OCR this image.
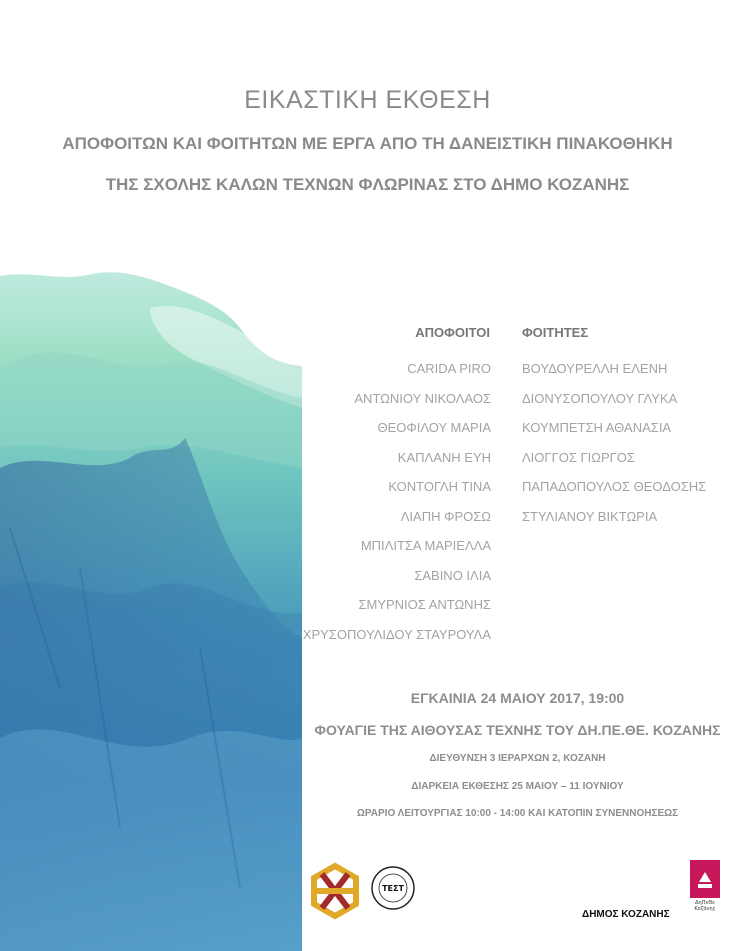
ΕΙΚΑΣΤΙΚΗ ΕΚΘΕΣΗ
ΑΠΟΦΟΙΤΩΝ ΚΑΙ ΦΟΙΤΗΤΩΝ ΜΕ ΕΡΓΑ ΑΠΟ ΤΗ ΔΑΝΕΙΣΤΙΚΗ ΠΙΝΑΚΟΘΗΚΗ
ΤΗΣ ΣΧΟΛΗΣ ΚΑΛΩΝ ΤΕΧΝΩΝ ΦΛΩΡΙΝΑΣ ΣΤΟ ΔΗΜΟ ΚΟΖΑΝΗΣ
ΑΠΟΦΟΙΤΟΙ ΦΟΙΤΗΤΕΣ
CARIDA PIRO
ΑΝΤΩΝΙΟΥ ΝΙΚΟΛΑΟΣ
ΘΕΟΦΙΛΟΥ ΜΑΡΙΑ
ΚΑΠΛΑΝΗ ΕΥΗ
ΚΟΝΤΟΓΛΗ ΤΙΝΑ
ΛΙΑΠΗ ΦΡΟΣΩ
ΜΠΙΛΙΤΣΑ ΜΑΡΙΕΛΛΑ
ΣΑΒΙΝΟ ΙΛΙΑ
ΣΜΥΡΝΙΟΣ ΑΝΤΩΝΗΣ
ΧΡΥΣΟΠΟΥΛΙΔΟΥ ΣΤΑΥΡΟΥΛΑ
ΒΟΥΔΟΥΡΕΛΛΗ ΕΛΕΝΗ
ΔΙΟΝΥΣΟΠΟΥΛΟΥ ΓΛΥΚΑ
ΚΟΥΜΠΕΤΣΗ ΑΘΑΝΑΣΙΑ
ΛΙΟΓΓΟΣ ΓΙΩΡΓΟΣ
ΠΑΠΑΔΟΠΟΥΛΟΣ ΘΕΟΔΟΣΗΣ
ΣΤΥΛΙΑΝΟΥ ΒΙΚΤΩΡΙΑ
ΕΓΚΑΙΝΙΑ 24 ΜΑΙΟΥ 2017, 19:00
ΦΟΥΑΓΙΕ ΤΗΣ ΑΙΘΟΥΣΑΣ ΤΕΧΝΗΣ ΤΟΥ ΔΗ.ΠΕ.ΘΕ. ΚΟΖΑΝΗΣ
ΔΙΕΥΘΥΝΣΗ 3 ΙΕΡΑΡΧΩΝ 2, ΚΟΖΑΝΗ
ΔΙΑΡΚΕΙΑ ΕΚΘΕΣΗΣ 25 ΜΑΙΟΥ – 11 ΙΟΥΝΙΟΥ
ΩΡΑΡΙΟ ΛΕΙΤΟΥΡΓΙΑΣ 10:00 - 14:00 ΚΑΙ ΚΑΤΟΠΙΝ ΣΥΝΕΝΝΟΗΣΕΩΣ
ΤΕΣΤ
ΔηΠεΘε
Κοζάνης
ΔΗΜΟΣ ΚΟΖΑΝΗΣ
